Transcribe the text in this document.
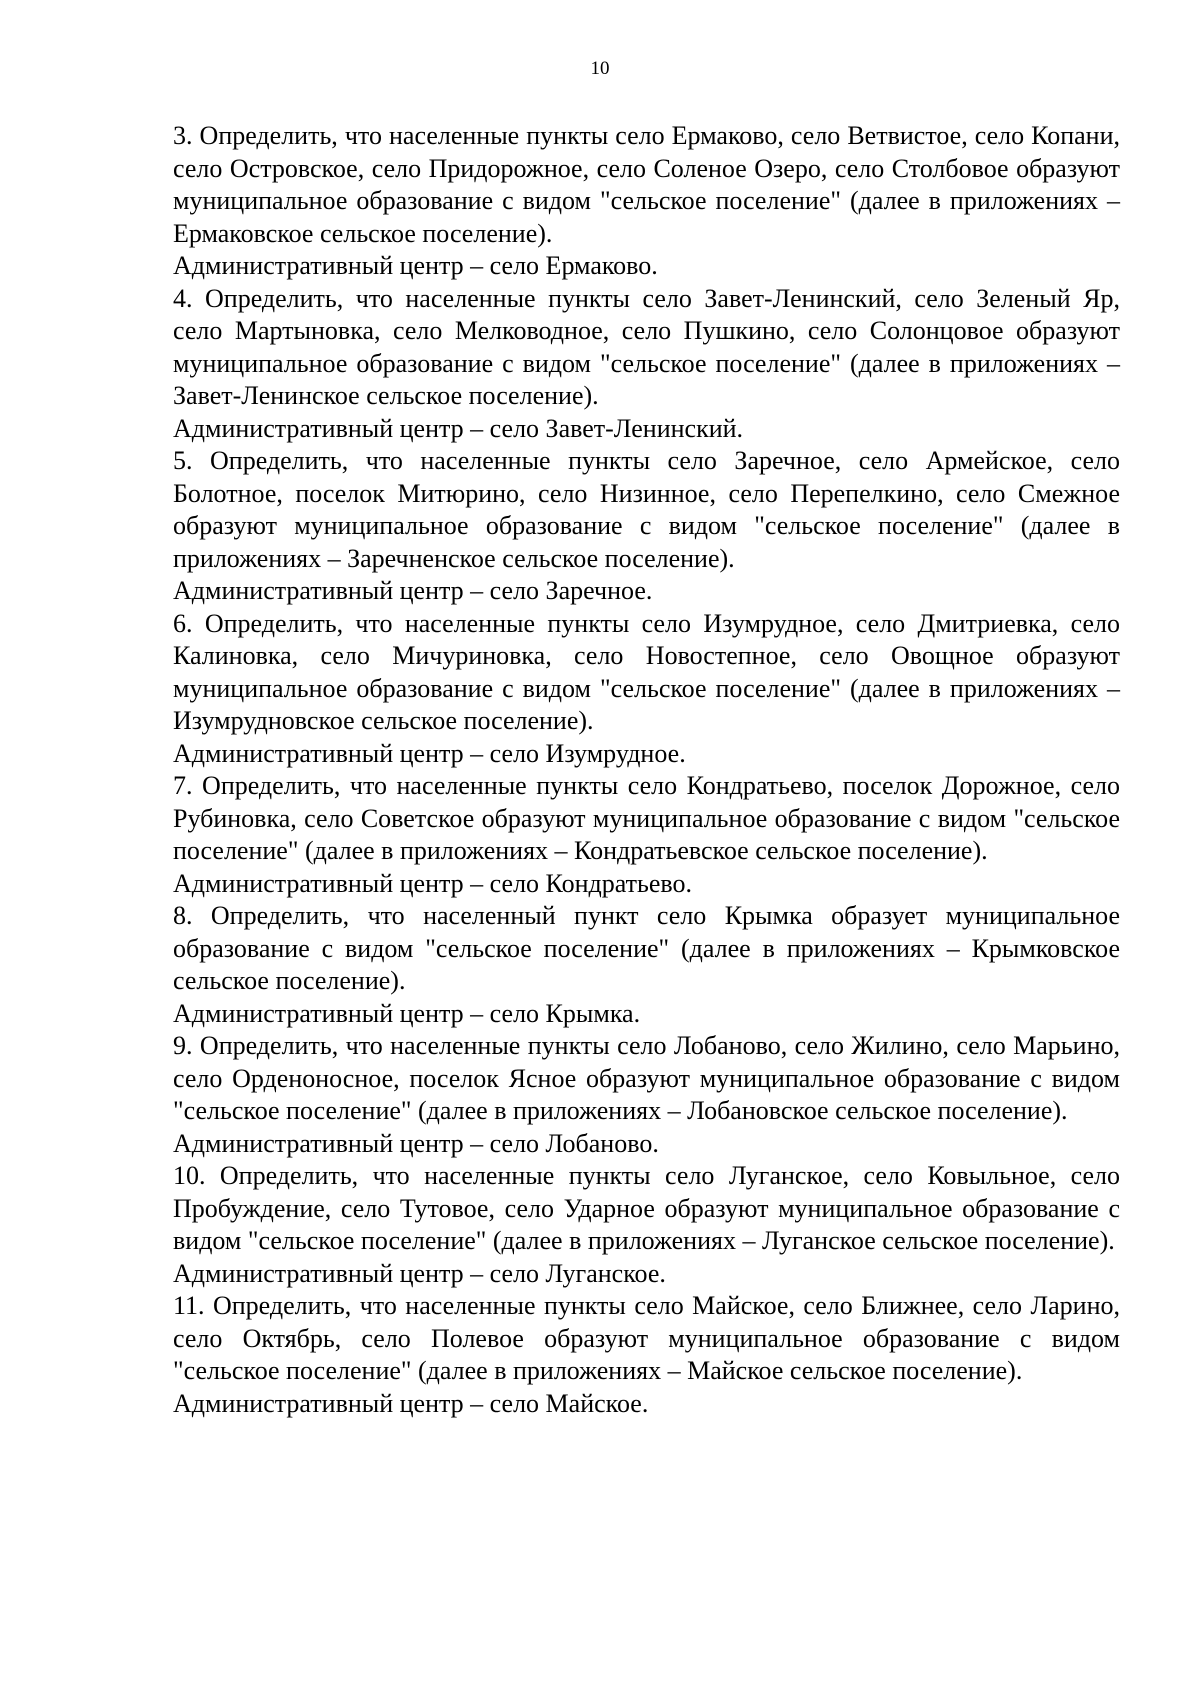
10

3. Определить, что населенные пункты село Ермаково, село Ветвистое, село Копани, село Островское, село Придорожное, село Соленое Озеро, село Столбовое образуют муниципальное образование с видом "сельское поселение" (далее в приложениях – Ермаковское сельское поселение).

Административный центр – село Ермаково.

4. Определить, что населенные пункты село Завет-Ленинский, село Зеленый Яр, село Мартыновка, село Мелководное, село Пушкино, село Солонцовое образуют муниципальное образование с видом "сельское поселение" (далее в приложениях – Завет-Ленинское сельское поселение).

Административный центр – село Завет-Ленинский.

5. Определить, что населенные пункты село Заречное, село Армейское, село Болотное, поселок Митюрино, село Низинное, село Перепелкино, село Смежное образуют муниципальное образование с видом "сельское поселение" (далее в приложениях – Заречненское сельское поселение).

Административный центр – село Заречное.

6. Определить, что населенные пункты село Изумрудное, село Дмитриевка, село Калиновка, село Мичуриновка, село Новостепное, село Овощное образуют муниципальное образование с видом "сельское поселение" (далее в приложениях – Изумрудновское сельское поселение).

Административный центр – село Изумрудное.

7. Определить, что населенные пункты село Кондратьево, поселок Дорожное, село Рубиновка, село Советское образуют муниципальное образование с видом "сельское поселение" (далее в приложениях – Кондратьевское сельское поселение).

Административный центр – село Кондратьево.

8. Определить, что населенный пункт село Крымка образует муниципальное образование с видом "сельское поселение" (далее в приложениях – Крымковское сельское поселение).

Административный центр – село Крымка.

9. Определить, что населенные пункты село Лобаново, село Жилино, село Марьино, село Орденоносное, поселок Ясное образуют муниципальное образование с видом "сельское поселение" (далее в приложениях – Лобановское сельское поселение).

Административный центр – село Лобаново.

10. Определить, что населенные пункты село Луганское, село Ковыльное, село Пробуждение, село Тутовое, село Ударное образуют муниципальное образование с видом "сельское поселение" (далее в приложениях – Луганское сельское поселение).

Административный центр – село Луганское.

11. Определить, что населенные пункты село Майское, село Ближнее, село Ларино, село Октябрь, село Полевое образуют муниципальное образование с видом "сельское поселение" (далее в приложениях – Майское сельское поселение).

Административный центр – село Майское.
